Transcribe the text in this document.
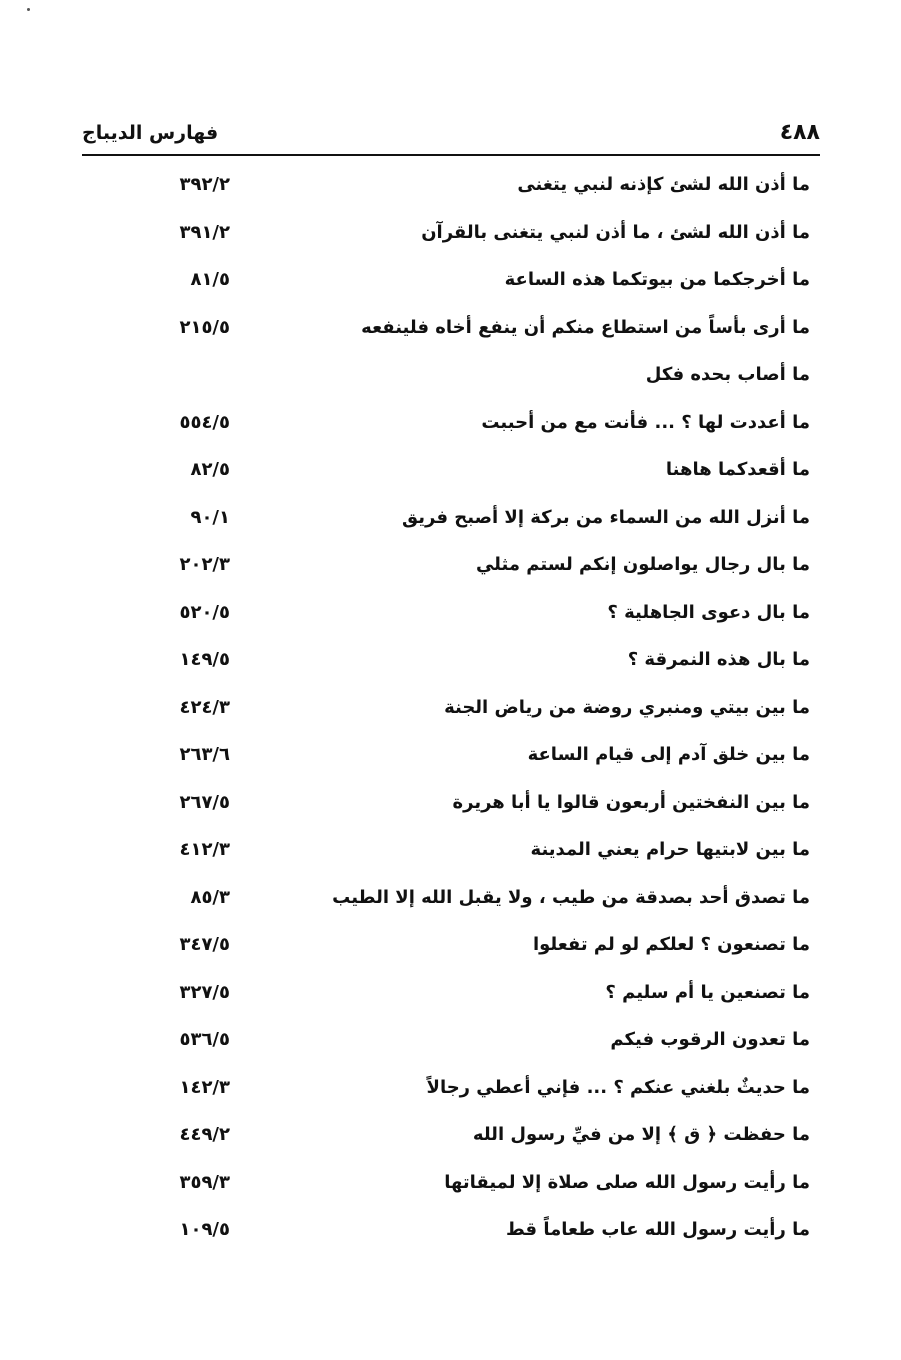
٤٨٨
فهارس الديباج
ما أذن الله لشئ كإذنه لنبي يتغنى
٣٩٢/٢
ما أذن الله لشئ ، ما أذن لنبي يتغنى بالقرآن
٣٩١/٢
ما أخرجكما من بيوتكما هذه الساعة
٨١/٥
ما أرى بأساً من استطاع منكم أن ينفع أخاه فلينفعه
٢١٥/٥
ما أصاب بحده فكل
ما أعددت لها ؟ ... فأنت مع من أحببت
٥٥٤/٥
ما أقعدكما هاهنا
٨٢/٥
ما أنزل الله من السماء من بركة إلا أصبح فريق
٩٠/١
ما بال رجال يواصلون إنكم لستم مثلي
٢٠٢/٣
ما بال دعوى الجاهلية ؟
٥٢٠/٥
ما بال هذه النمرقة ؟
١٤٩/٥
ما بين بيتي ومنبري روضة من رياض الجنة
٤٢٤/٣
ما بين خلق آدم إلى قيام الساعة
٢٦٣/٦
ما بين النفختين أربعون قالوا يا أبا هريرة
٢٦٧/٥
ما بين لابتيها حرام يعني المدينة
٤١٢/٣
ما تصدق أحد بصدقة من طيب ، ولا يقبل الله إلا الطيب
٨٥/٣
ما تصنعون ؟ لعلكم لو لم تفعلوا
٣٤٧/٥
ما تصنعين يا أم سليم ؟
٣٢٧/٥
ما تعدون الرقوب فيكم
٥٣٦/٥
ما حديثٌ بلغني عنكم ؟ ... فإني أعطي رجالاً
١٤٢/٣
ما حفظت ﴿ ق ﴾ إلا من فيِّ رسول الله
٤٤٩/٢
ما رأيت رسول الله صلى صلاة إلا لميقاتها
٣٥٩/٣
ما رأيت رسول الله عاب طعاماً قط
١٠٩/٥
